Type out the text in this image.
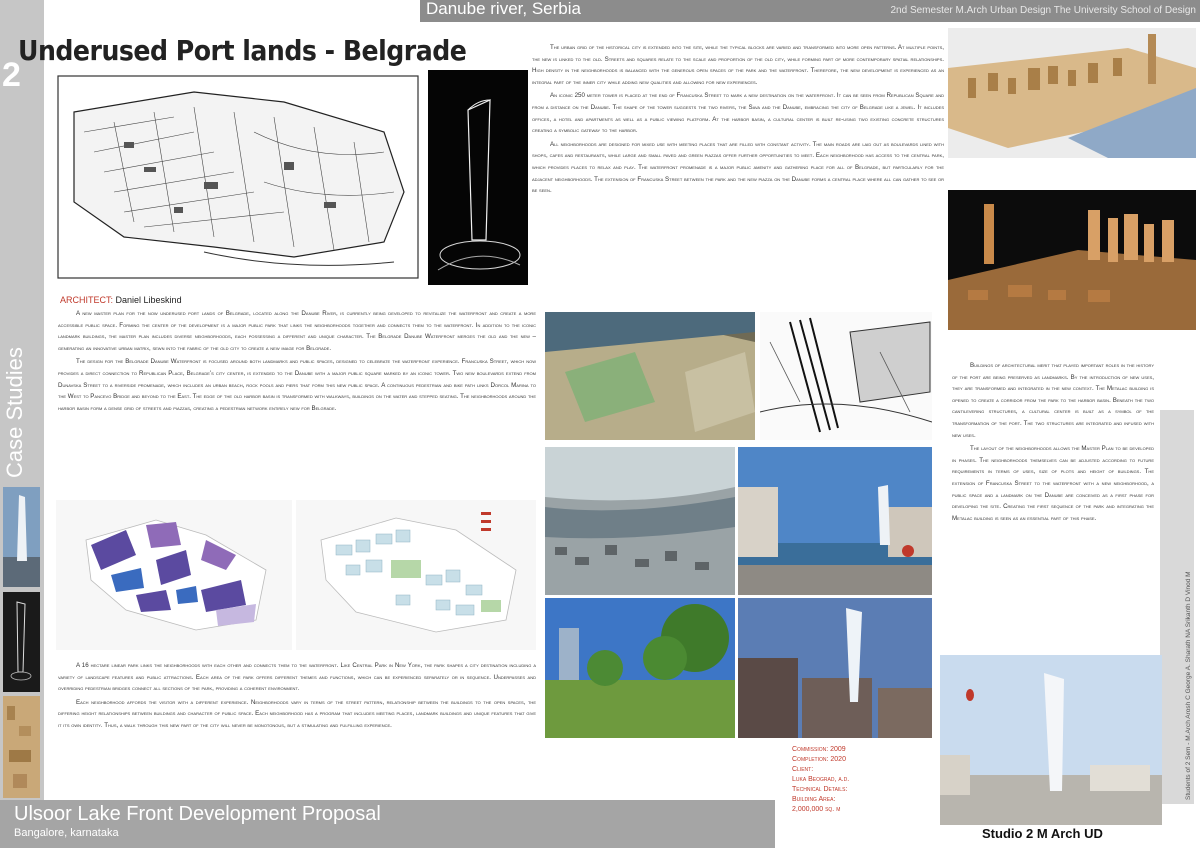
Danube river, Serbia	2nd Semester M.Arch Urban Design The University School of Design
2
Case Studies
Underused Port lands - Belgrade
ARCHITECT: Daniel Libeskind

A new master plan for the now underused port lands of Belgrade, located along the Danube River, is currently being developed to revitalize the waterfront and create a more accessible public space. Forming the center of the development is a major public park that links the neighborhoods together and connects them to the waterfront. In addition to the iconic landmark buildings, the master plan includes diverse neighborhoods, each possessing a different and unique character. The Belgrade Danube Waterfront merges the old and the new – generating an innovative urban matrix, sewn into the fabric of the old city to create a new image for Belgrade.

The design for the Belgrade Danube Waterfront is focused around both landmarks and public spaces, designed to celebrate the waterfront experience. Francuska Street, which now provides a direct connection to Republican Place, Belgrade's city center, is extended to the Danube with a major public square marked by an iconic tower. Two new boulevards extend from Dunavska Street to a riverside promenade, which includes an urban beach, rock pools and piers that form this new public space. A continuous pedestrian and bike path links Dorcol Marina to the West to Pancevo Bridge and beyond to the East. The edge of the old harbor basin is transformed with walkways, buildings on the water and stepped seating. The neighborhoods around the harbor basin form a dense grid of streets and piazzas, creating a pedestrian network entirely new for Belgrade.

A 16 hectare linear park links the neighborhoods with each other and connects them to the waterfront. Like Central Park in New York, the park shapes a city destination including a variety of landscape features and public attractions. Each area of the park offers different themes and functions, which can be experienced separately or in sequence. Underpasses and overriding pedestrian bridges connect all sections of the park, providing a coherent environment.

Each neighborhood affords the visitor with a different experience. Neighborhoods vary in terms of the street pattern, relationship between the buildings to the open spaces, the differing height relationships between buildings and character of public space. Each neighborhood has a program that includes meeting places, landmark buildings and unique features that give it its own identity. Thus, a walk through this new part of the city will never be monotonous, but a stimulating and fulfilling experience.

The urban grid of the historical city is extended into the site, while the typical blocks are varied and transformed into more open patterns. At multiple points, the new is linked to the old. Streets and squares relate to the scale and proportion of the old city, while forming part of more contemporary spatial relationships. High density in the neighborhoods is balanced with the generous open spaces of the park and the waterfront. Therefore, the new development is experienced as an integral part of the inner city while adding new qualities and allowing for new experiences.

An iconic 250 meter tower is placed at the end of Francuska Street to mark a new destination on the waterfront. It can be seen from Republican Square and from a distance on the Danube. The shape of the tower suggests the two rivers, the Sava and the Danube, embracing the city of Belgrade like a jewel. It includes offices, a hotel and apartments as well as a public viewing platform. At the harbor basin, a cultural center is built re-using two existing concrete structures creating a symbolic gateway to the harbor.

All neighborhoods are designed for mixed use with meeting places that are filled with constant activity. The main roads are laid out as boulevards lined with shops, cafes and restaurants, while large and small paved and green piazzas offer further opportunities to meet. Each neighborhood has access to the central park, which provides places to relax and play. The waterfront promenade is a major public amenity and gathering place for all of Belgrade, but particularly for the adjacent neighborhoods. The extension of Francuska Street between the park and the new piazza on the Danube forms a central place where all can gather to see or be seen.

Buildings of architectural merit that played important roles in the history of the port are being preserved as landmarks. By the introduction of new uses, they are transformed and integrated in the new context. The Metalac building is opened to create a corridor from the park to the harbor basin. Beneath the two cantilevering structures, a cultural center is built as a symbol of the transformation of the port. The two structures are integrated and infused with new uses.

The layout of the neighborhoods allows the Master Plan to be developed in phases. The neighborhoods themselves can be adjusted according to future requirements in terms of uses, size of plots and height of buildings. The extension of Francuska Street to the waterfront with a new neighborhood, a public space and a landmark on the Danube are conceived as a first phase for developing the site. Creating the first sequence of the park and integrating the Metalac building is seen as an essential part of this phase.

Students of 2 Sem - M.Arch Arosh C George A. Sharath NA Srikanth D Vinod M
Commission: 2009
Completion: 2020
Client:
Luka Beograd, a.d.
Technical Details:
Building Area:
2,000,000 sq. m
Ulsoor Lake Front Development Proposal
Bangalore, karnataka	Studio 2 M Arch UD
